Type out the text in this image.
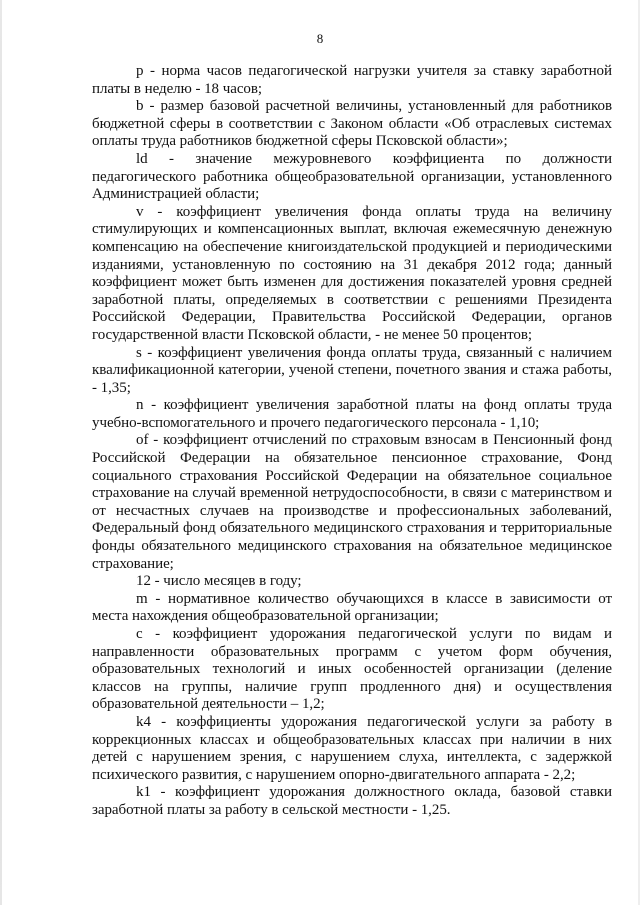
8

p - норма часов педагогической нагрузки учителя за ставку заработной платы в неделю - 18 часов;

b - размер базовой расчетной величины, установленный для работников бюджетной сферы в соответствии с Законом области «Об отраслевых системах оплаты труда работников бюджетной сферы Псковской области»;

ld - значение межуровневого коэффициента по должности педагогического работника общеобразовательной организации, установленного Администрацией области;

v - коэффициент увеличения фонда оплаты труда на величину стимулирующих и компенсационных выплат, включая ежемесячную денежную компенсацию на обеспечение книгоиздательской продукцией и периодическими изданиями, установленную по состоянию на 31 декабря 2012 года; данный коэффициент может быть изменен для достижения показателей уровня средней заработной платы, определяемых в соответствии с решениями Президента Российской Федерации, Правительства Российской Федерации, органов государственной власти Псковской области, - не менее 50 процентов;

s - коэффициент увеличения фонда оплаты труда, связанный с наличием квалификационной категории, ученой степени, почетного звания и стажа работы, - 1,35;

n - коэффициент увеличения заработной платы на фонд оплаты труда учебно-вспомогательного и прочего педагогического персонала - 1,10;

of - коэффициент отчислений по страховым взносам в Пенсионный фонд Российской Федерации на обязательное пенсионное страхование, Фонд социального страхования Российской Федерации на обязательное социальное страхование на случай временной нетрудоспособности, в связи с материнством и от несчастных случаев на производстве и профессиональных заболеваний, Федеральный фонд обязательного медицинского страхования и территориальные фонды обязательного медицинского страхования на обязательное медицинское страхование;

12 - число месяцев в году;

m - нормативное количество обучающихся в классе в зависимости от места нахождения общеобразовательной организации;

c - коэффициент удорожания педагогической услуги по видам и направленности образовательных программ с учетом форм обучения, образовательных технологий и иных особенностей организации (деление классов на группы, наличие групп продленного дня) и осуществления образовательной деятельности – 1,2;

k4 - коэффициенты удорожания педагогической услуги за работу в коррекционных классах и общеобразовательных классах при наличии в них детей с нарушением зрения, с нарушением слуха, интеллекта, с задержкой психического развития, с нарушением опорно-двигательного аппарата - 2,2;

k1 - коэффициент удорожания должностного оклада, базовой ставки заработной платы за работу в сельской местности - 1,25.
